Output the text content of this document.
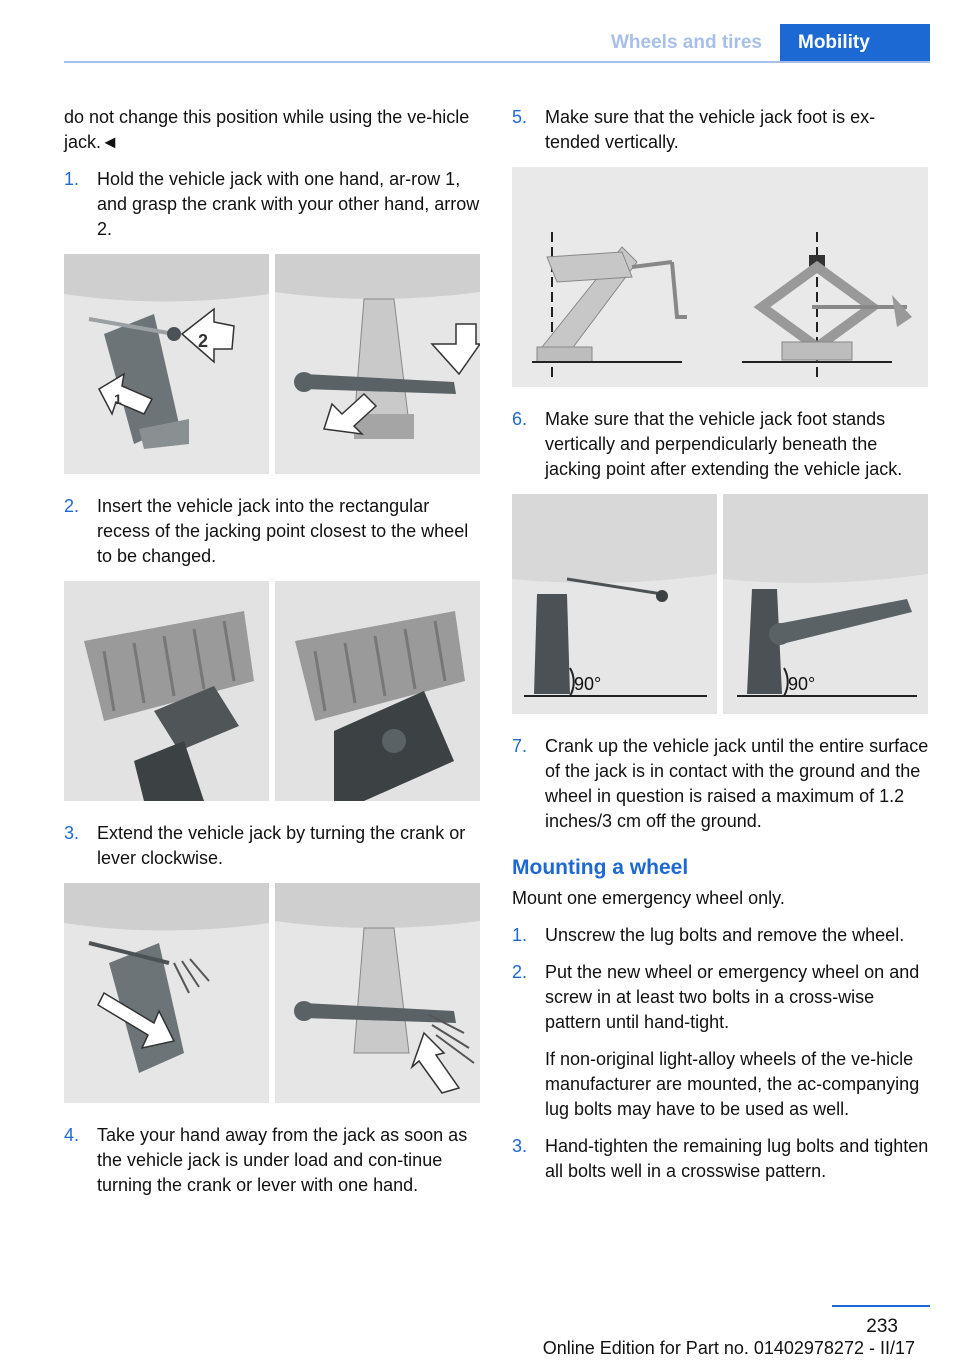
Wheels and tires	Mobility

do not change this position while using the ve-hicle jack.◄

1. Hold the vehicle jack with one hand, ar-row 1, and grasp the crank with your other hand, arrow 2.
1
2
2. Insert the vehicle jack into the rectangular recess of the jacking point closest to the wheel to be changed.
3. Extend the vehicle jack by turning the crank or lever clockwise.
4. Take your hand away from the jack as soon as the vehicle jack is under load and con-tinue turning the crank or lever with one hand.
5. Make sure that the vehicle jack foot is ex-tended vertically.
6. Make sure that the vehicle jack foot stands vertically and perpendicularly beneath the jacking point after extending the vehicle jack.
90°	90°
7. Crank up the vehicle jack until the entire surface of the jack is in contact with the ground and the wheel in question is raised a maximum of 1.2 inches/3 cm off the ground.
Mounting a wheel

Mount one emergency wheel only.

1. Unscrew the lug bolts and remove the wheel.
2. Put the new wheel or emergency wheel on and screw in at least two bolts in a cross-wise pattern until hand-tight.

If non-original light-alloy wheels of the ve-hicle manufacturer are mounted, the ac-companying lug bolts may have to be used as well.

3. Hand-tighten the remaining lug bolts and tighten all bolts well in a crosswise pattern.
233
Online Edition for Part no. 01402978272 - II/17
